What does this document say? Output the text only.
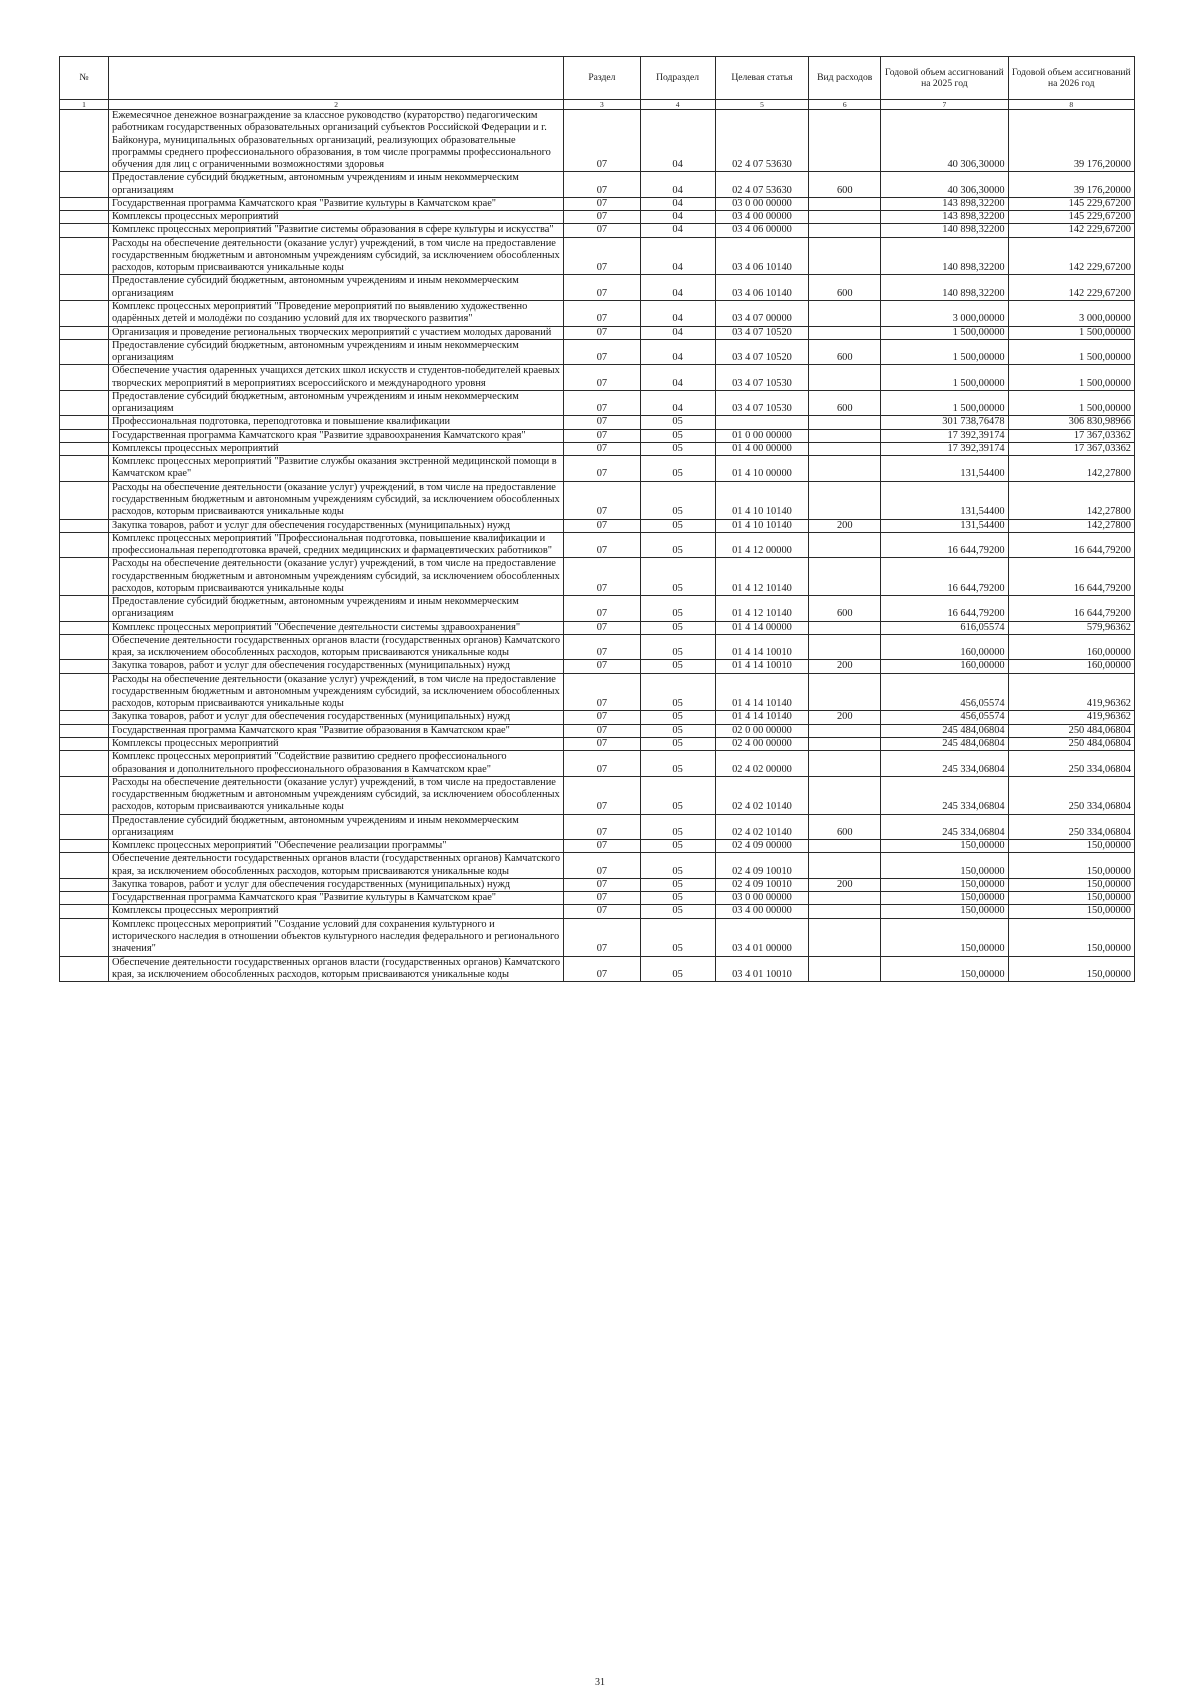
№		Раздел	Подраздел	Целевая статья	Вид расходов	Годовой объем ассигнований на 2025 год	Годовой объем ассигнований на 2026 год
1	2	3	4	5	6	7	8
	Ежемесячное денежное вознаграждение за классное руководство (кураторство) педагогическим работникам государственных образовательных организаций субъектов Российской Федерации и г. Байконура, муниципальных образовательных организаций, реализующих образовательные программы среднего профессионального образования, в том числе программы профессионального обучения для лиц с ограниченными возможностями здоровья	07	04	02 4 07 53630		40 306,30000	39 176,20000
	Предоставление субсидий бюджетным, автономным учреждениям и иным некоммерческим организациям	07	04	02 4 07 53630	600	40 306,30000	39 176,20000
	Государственная программа Камчатского края "Развитие культуры в Камчатском крае"	07	04	03 0 00 00000		143 898,32200	145 229,67200
	Комплексы процессных мероприятий	07	04	03 4 00 00000		143 898,32200	145 229,67200
	Комплекс процессных мероприятий "Развитие системы образования в сфере культуры и искусства"	07	04	03 4 06 00000		140 898,32200	142 229,67200
	Расходы на обеспечение деятельности (оказание услуг) учреждений, в том числе на предоставление государственным бюджетным и автономным учреждениям субсидий, за исключением обособленных расходов, которым присваиваются уникальные коды	07	04	03 4 06 10140		140 898,32200	142 229,67200
	Предоставление субсидий бюджетным, автономным учреждениям и иным некоммерческим организациям	07	04	03 4 06 10140	600	140 898,32200	142 229,67200
	Комплекс процессных мероприятий "Проведение мероприятий по выявлению художественно одарённых детей и молодёжи по созданию условий для их творческого развития"	07	04	03 4 07 00000		3 000,00000	3 000,00000
	Организация и проведение региональных творческих мероприятий с участием молодых дарований	07	04	03 4 07 10520		1 500,00000	1 500,00000
	Предоставление субсидий бюджетным, автономным учреждениям и иным некоммерческим организациям	07	04	03 4 07 10520	600	1 500,00000	1 500,00000
	Обеспечение участия одаренных учащихся детских школ искусств и студентов-победителей краевых творческих мероприятий в мероприятиях всероссийского и международного уровня	07	04	03 4 07 10530		1 500,00000	1 500,00000
	Предоставление субсидий бюджетным, автономным учреждениям и иным некоммерческим организациям	07	04	03 4 07 10530	600	1 500,00000	1 500,00000
	Профессиональная подготовка, переподготовка и повышение квалификации	07	05			301 738,76478	306 830,98966
	Государственная программа Камчатского края "Развитие здравоохранения Камчатского края"	07	05	01 0 00 00000		17 392,39174	17 367,03362
	Комплексы процессных мероприятий	07	05	01 4 00 00000		17 392,39174	17 367,03362
	Комплекс процессных мероприятий "Развитие службы оказания экстренной медицинской помощи в Камчатском крае"	07	05	01 4 10 00000		131,54400	142,27800
	Расходы на обеспечение деятельности (оказание услуг) учреждений, в том числе на предоставление государственным бюджетным и автономным учреждениям субсидий, за исключением обособленных расходов, которым присваиваются уникальные коды	07	05	01 4 10 10140		131,54400	142,27800
	Закупка товаров, работ и услуг для обеспечения государственных (муниципальных) нужд	07	05	01 4 10 10140	200	131,54400	142,27800
	Комплекс процессных мероприятий "Профессиональная подготовка, повышение квалификации и профессиональная переподготовка врачей, средних медицинских и фармацевтических работников"	07	05	01 4 12 00000		16 644,79200	16 644,79200
	Расходы на обеспечение деятельности (оказание услуг) учреждений, в том числе на предоставление государственным бюджетным и автономным учреждениям субсидий, за исключением обособленных расходов, которым присваиваются уникальные коды	07	05	01 4 12 10140		16 644,79200	16 644,79200
	Предоставление субсидий бюджетным, автономным учреждениям и иным некоммерческим организациям	07	05	01 4 12 10140	600	16 644,79200	16 644,79200
	Комплекс процессных мероприятий "Обеспечение деятельности системы здравоохранения"	07	05	01 4 14 00000		616,05574	579,96362
	Обеспечение деятельности государственных органов власти (государственных органов) Камчатского края, за исключением обособленных расходов, которым присваиваются уникальные коды	07	05	01 4 14 10010		160,00000	160,00000
	Закупка товаров, работ и услуг для обеспечения государственных (муниципальных) нужд	07	05	01 4 14 10010	200	160,00000	160,00000
	Расходы на обеспечение деятельности (оказание услуг) учреждений, в том числе на предоставление государственным бюджетным и автономным учреждениям субсидий, за исключением обособленных расходов, которым присваиваются уникальные коды	07	05	01 4 14 10140		456,05574	419,96362
	Закупка товаров, работ и услуг для обеспечения государственных (муниципальных) нужд	07	05	01 4 14 10140	200	456,05574	419,96362
	Государственная программа Камчатского края "Развитие образования в Камчатском крае"	07	05	02 0 00 00000		245 484,06804	250 484,06804
	Комплексы процессных мероприятий	07	05	02 4 00 00000		245 484,06804	250 484,06804
	Комплекс процессных мероприятий "Содействие развитию среднего профессионального образования и дополнительного профессионального образования в Камчатском крае"	07	05	02 4 02 00000		245 334,06804	250 334,06804
	Расходы на обеспечение деятельности (оказание услуг) учреждений, в том числе на предоставление государственным бюджетным и автономным учреждениям субсидий, за исключением обособленных расходов, которым присваиваются уникальные коды	07	05	02 4 02 10140		245 334,06804	250 334,06804
	Предоставление субсидий бюджетным, автономным учреждениям и иным некоммерческим организациям	07	05	02 4 02 10140	600	245 334,06804	250 334,06804
	Комплекс процессных мероприятий "Обеспечение реализации программы"	07	05	02 4 09 00000		150,00000	150,00000
	Обеспечение деятельности государственных органов власти (государственных органов) Камчатского края, за исключением обособленных расходов, которым присваиваются уникальные коды	07	05	02 4 09 10010		150,00000	150,00000
	Закупка товаров, работ и услуг для обеспечения государственных (муниципальных) нужд	07	05	02 4 09 10010	200	150,00000	150,00000
	Государственная программа Камчатского края "Развитие культуры в Камчатском крае"	07	05	03 0 00 00000		150,00000	150,00000
	Комплексы процессных мероприятий	07	05	03 4 00 00000		150,00000	150,00000
	Комплекс процессных мероприятий "Создание условий для сохранения культурного и исторического наследия в отношении объектов культурного наследия федерального и регионального значения"	07	05	03 4 01 00000		150,00000	150,00000
	Обеспечение деятельности государственных органов власти (государственных органов) Камчатского края, за исключением обособленных расходов, которым присваиваются уникальные коды	07	05	03 4 01 10010		150,00000	150,00000
31
